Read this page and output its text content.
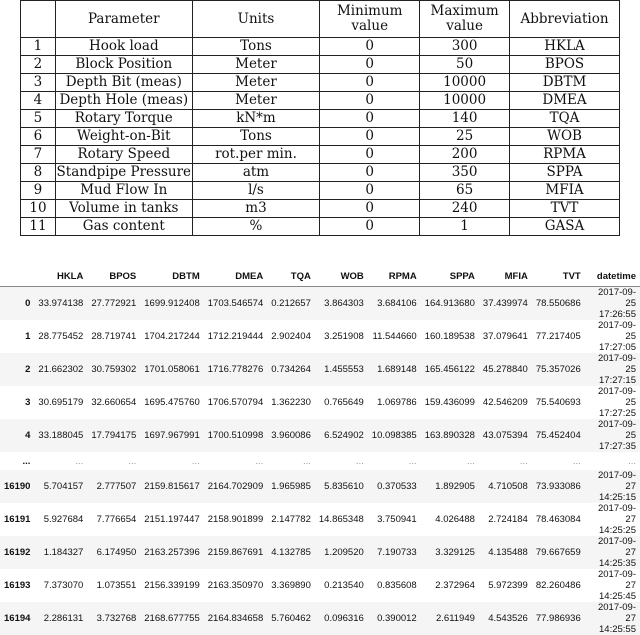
	Parameter	Units	Minimum value	Maximum value	Abbreviation
1	Hook load	Tons	0	300	HKLA
2	Block Position	Meter	0	50	BPOS
3	Depth Bit (meas)	Meter	0	10000	DBTM
4	Depth Hole (meas)	Meter	0	10000	DMEA
5	Rotary Torque	kN*m	0	140	TQA
6	Weight-on-Bit	Tons	0	25	WOB
7	Rotary Speed	rot.per min.	0	200	RPMA
8	Standpipe Pressure	atm	0	350	SPPA
9	Mud Flow In	l/s	0	65	MFIA
10	Volume in tanks	m3	0	240	TVT
11	Gas content	%	0	1	GASA
	HKLA	BPOS	DBTM	DMEA	TQA	WOB	RPMA	SPPA	MFIA	TVT	datetime
0	33.974138	27.772921	1699.912408	1703.546574	0.212657	3.864303	3.684106	164.913680	37.439974	78.550686	2017-09-25 17:26:55
1	28.775452	28.719741	1704.217244	1712.219444	2.902404	3.251908	11.544660	160.189538	37.079641	77.217405	2017-09-25 17:27:05
2	21.662302	30.759302	1701.058061	1716.778276	0.734264	1.455553	1.689148	165.456122	45.278840	75.357026	2017-09-25 17:27:15
3	30.695179	32.660654	1695.475760	1706.570794	1.362230	0.765649	1.069786	159.436099	42.546209	75.540693	2017-09-25 17:27:25
4	33.188045	17.794175	1697.967991	1700.510998	3.960086	6.524902	10.098385	163.890328	43.075394	75.452404	2017-09-25 17:27:35
...	...	...	...	...	...	...	...	...	...	...	...
16190	5.704157	2.777507	2159.815617	2164.702909	1.965985	5.835610	0.370533	1.892905	4.710508	73.933086	2017-09-27 14:25:15
16191	5.927684	7.776654	2151.197447	2158.901899	2.147782	14.865348	3.750941	4.026488	2.724184	78.463084	2017-09-27 14:25:25
16192	1.184327	6.174950	2163.257396	2159.867691	4.132785	1.209520	7.190733	3.329125	4.135488	79.667659	2017-09-27 14:25:35
16193	7.373070	1.073551	2156.339199	2163.350970	3.369890	0.213540	0.835608	2.372964	5.972399	82.260486	2017-09-27 14:25:45
16194	2.286131	3.732768	2168.677755	2164.834658	5.760462	0.096316	0.390012	2.611949	4.543526	77.986936	2017-09-27 14:25:55
